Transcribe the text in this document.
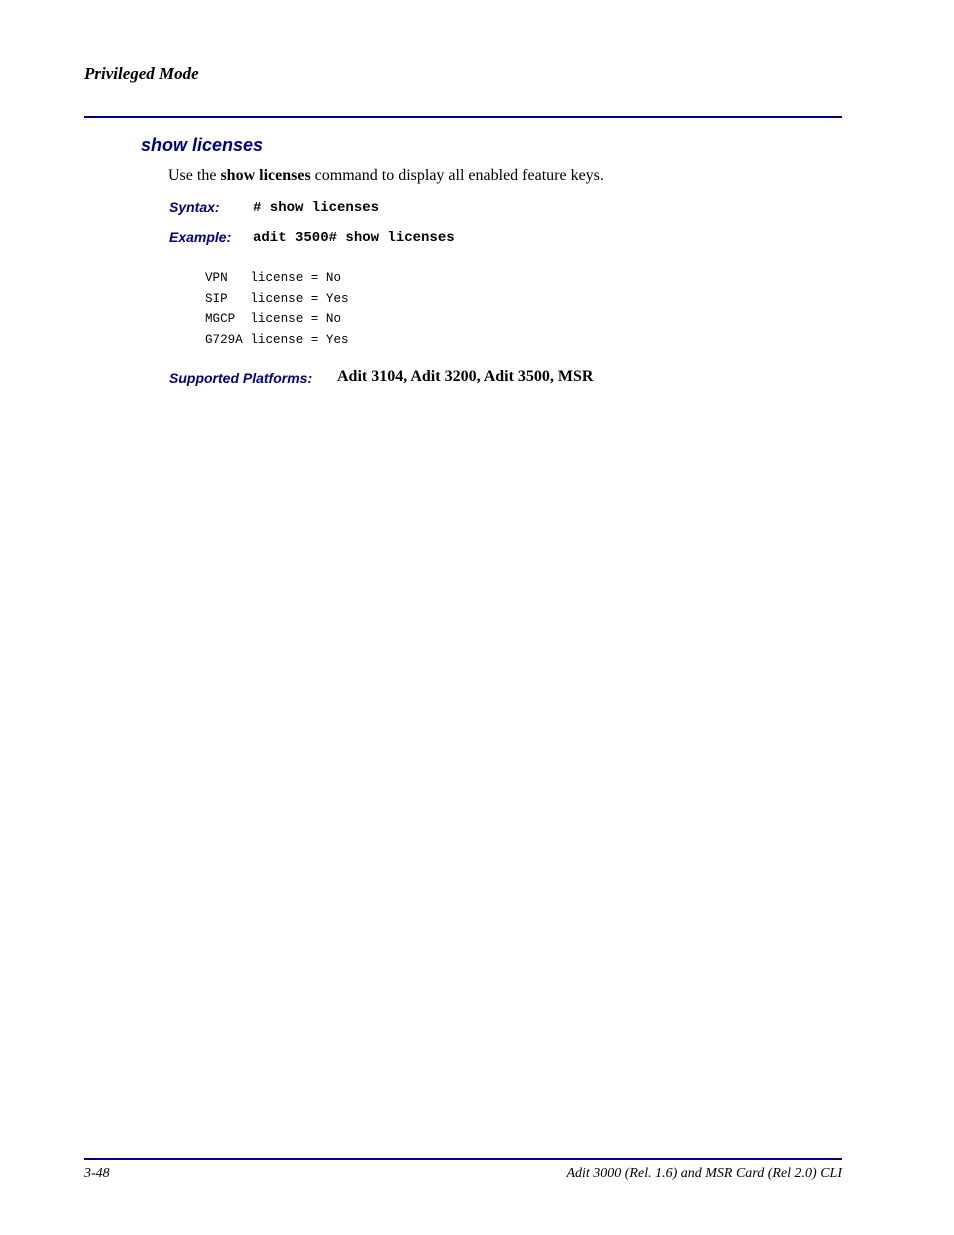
Privileged Mode
show licenses
Use the show licenses command to display all enabled feature keys.
Syntax: # show licenses
Example: adit 3500# show licenses
VPN   license = No
SIP   license = Yes
MGCP  license = No
G729A license = Yes
Supported Platforms: Adit 3104, Adit 3200, Adit 3500, MSR
3-48	Adit 3000 (Rel. 1.6) and MSR Card (Rel 2.0) CLI
